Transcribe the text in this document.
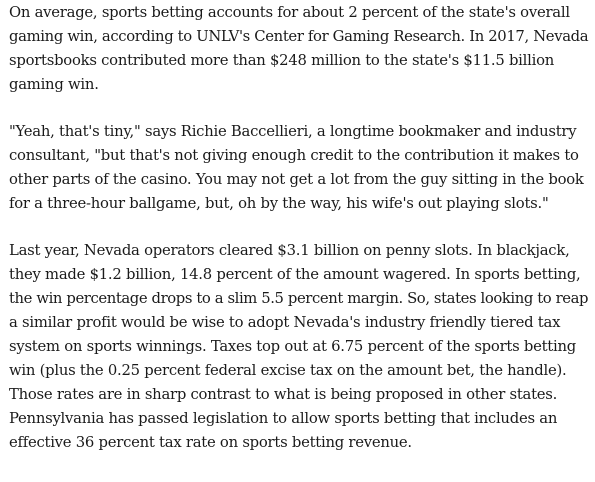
On average, sports betting accounts for about 2 percent of the state's overall
gaming win, according to UNLV's Center for Gaming Research. In 2017, Nevada
sportsbooks contributed more than $248 million to the state's $11.5 billion
gaming win.

"Yeah, that's tiny," says Richie Baccellieri, a longtime bookmaker and industry
consultant, "but that's not giving enough credit to the contribution it makes to
other parts of the casino. You may not get a lot from the guy sitting in the book
for a three-hour ballgame, but, oh by the way, his wife's out playing slots."

Last year, Nevada operators cleared $3.1 billion on penny slots. In blackjack,
they made $1.2 billion, 14.8 percent of the amount wagered. In sports betting,
the win percentage drops to a slim 5.5 percent margin. So, states looking to reap
a similar profit would be wise to adopt Nevada's industry friendly tiered tax
system on sports winnings. Taxes top out at 6.75 percent of the sports betting
win (plus the 0.25 percent federal excise tax on the amount bet, the handle).
Those rates are in sharp contrast to what is being proposed in other states.
Pennsylvania has passed legislation to allow sports betting that includes an
effective 36 percent tax rate on sports betting revenue.
